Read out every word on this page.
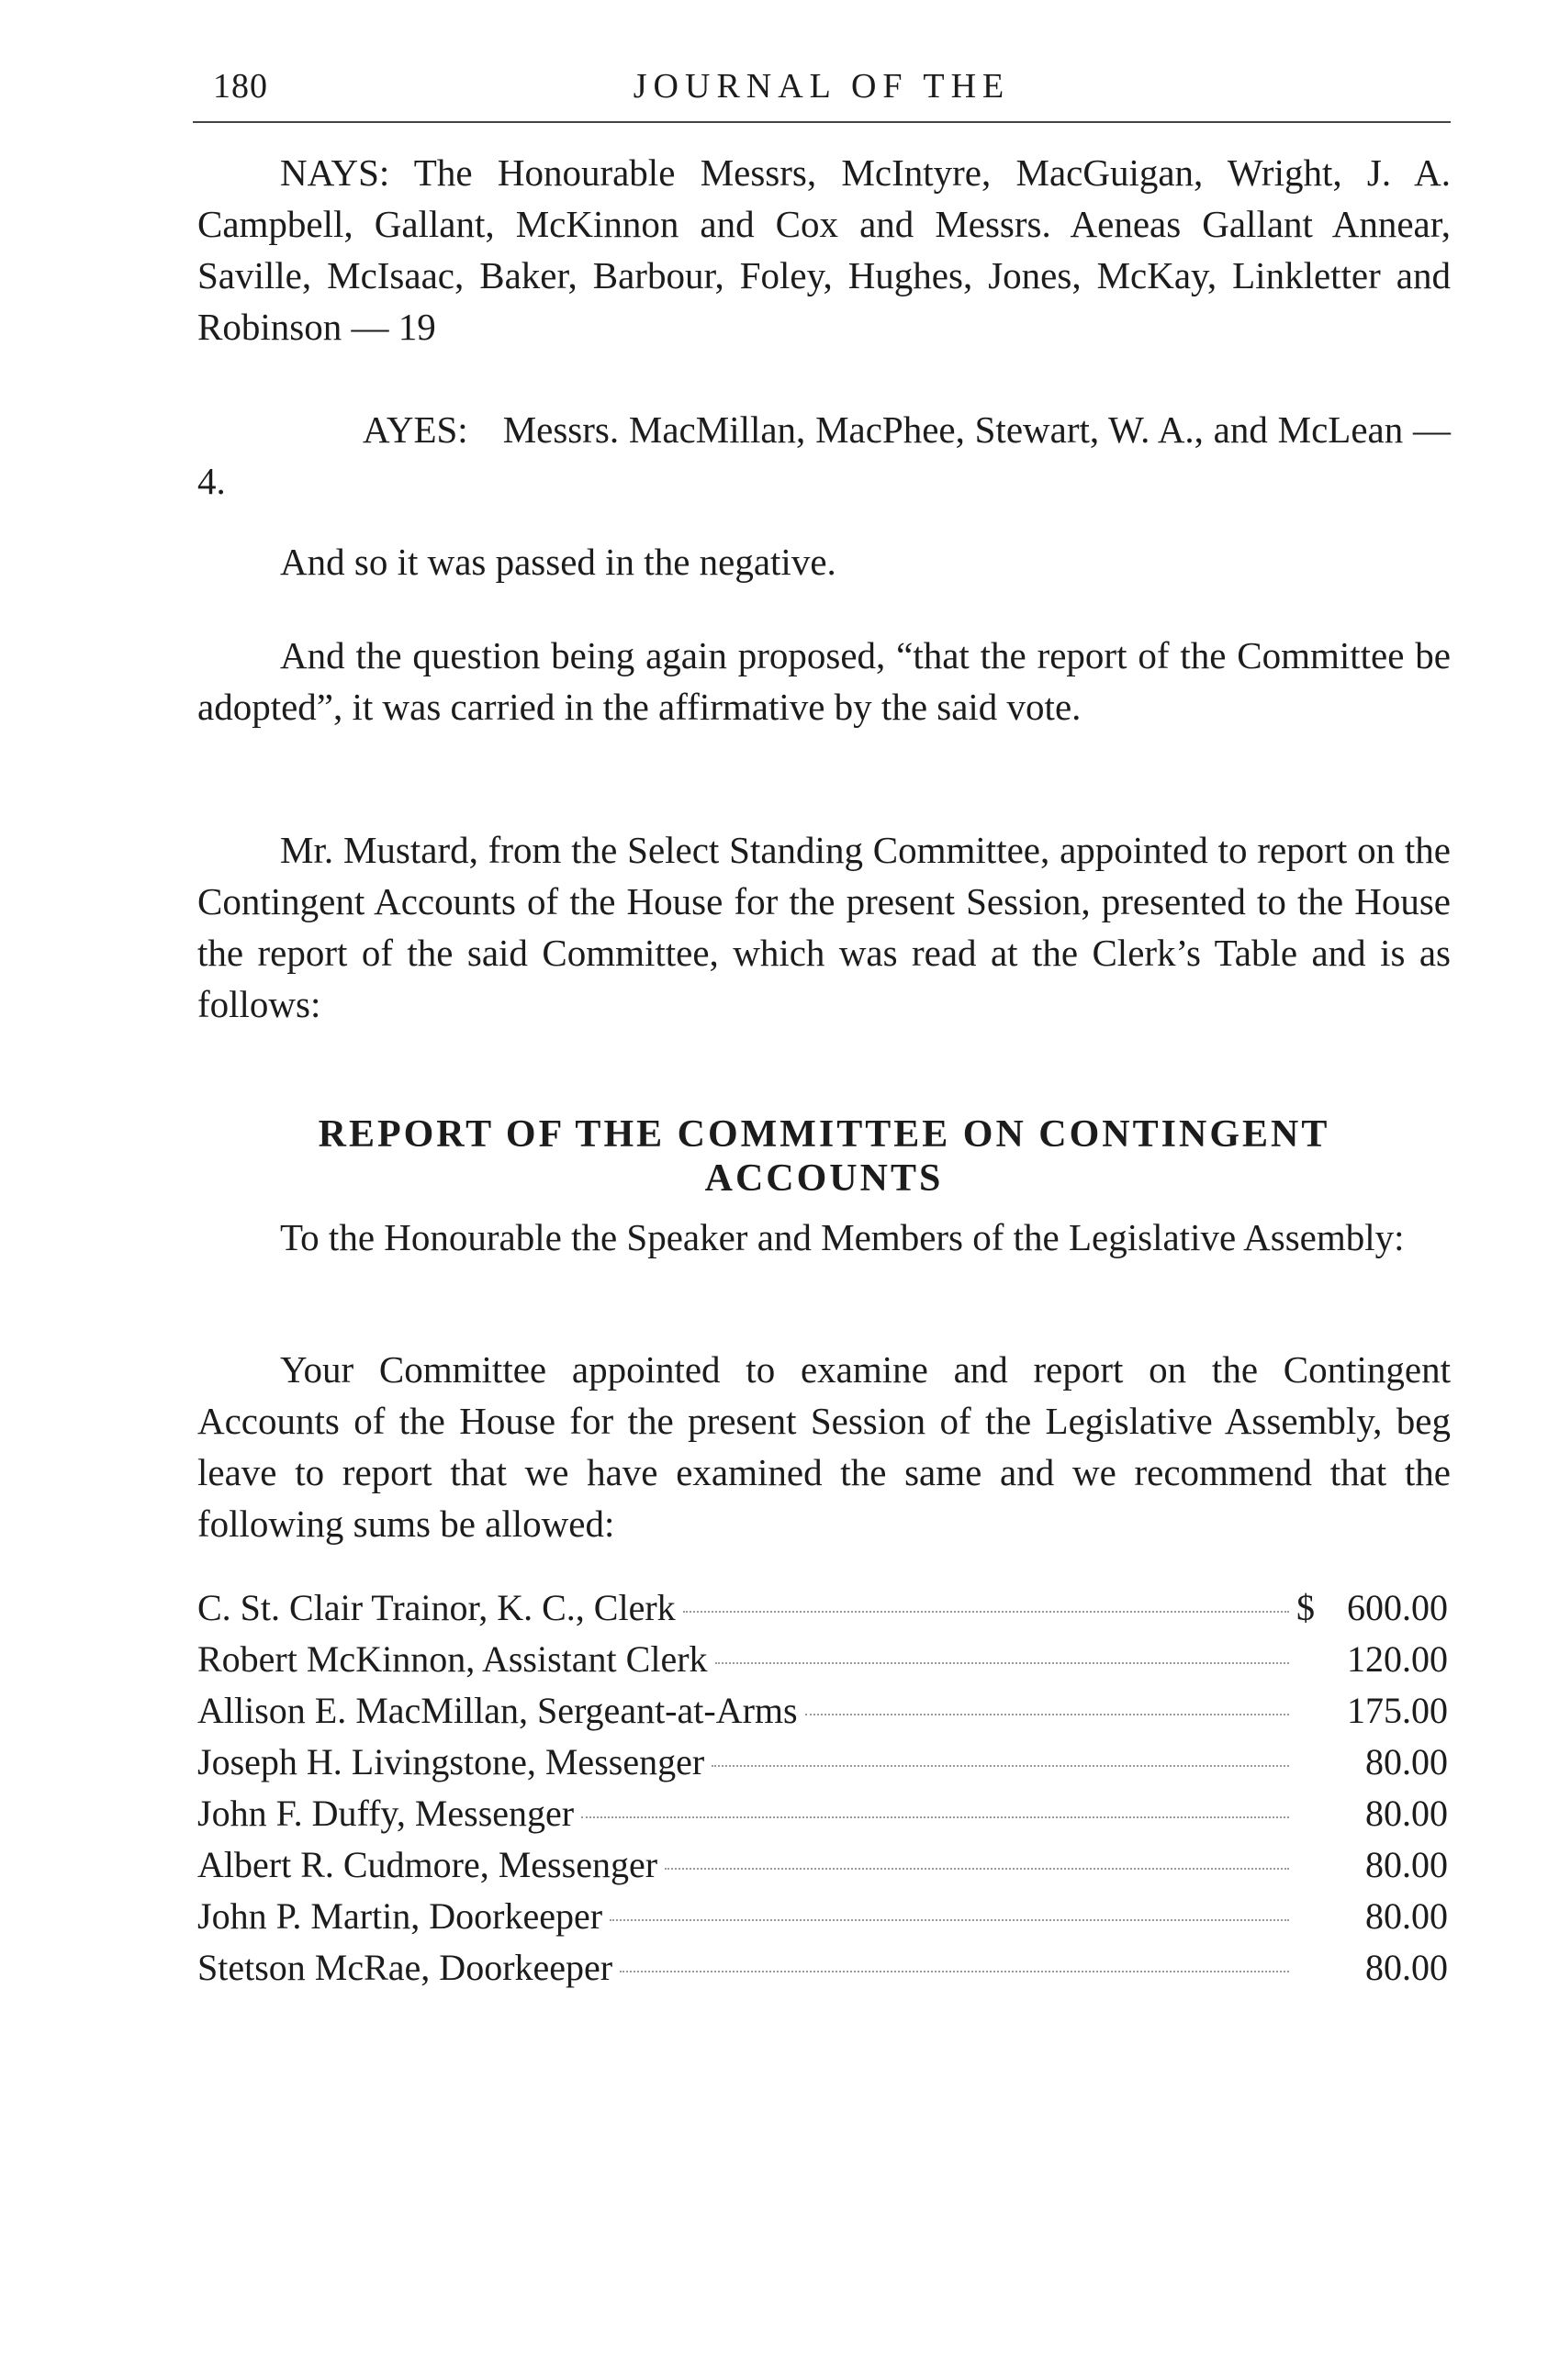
180	JOURNAL OF THE

NAYS: The Honourable Messrs, McIntyre, MacGuigan, Wright, J. A. Campbell, Gallant, McKinnon and Cox and Messrs. Aeneas Gallant Annear, Saville, McIsaac, Baker, Barbour, Foley, Hughes, Jones, McKay, Linkletter and Robinson — 19

AYES: Messrs. MacMillan, MacPhee, Stewart, W. A., and McLean — 4.

And so it was passed in the negative.

And the question being again proposed, “that the report of the Committee be adopted”, it was carried in the affirmative by the said vote.

Mr. Mustard, from the Select Standing Committee, appointed to report on the Contingent Accounts of the House for the present Session, presented to the House the report of the said Committee, which was read at the Clerk’s Table and is as follows:

REPORT OF THE COMMITTEE ON CONTINGENT ACCOUNTS

To the Honourable the Speaker and Members of the Legislative Assembly:

Your Committee appointed to examine and report on the Contingent Accounts of the House for the present Session of the Legislative Assembly, beg leave to report that we have examined the same and we recommend that the following sums be allowed:

C. St. Clair Trainor, K. C., Clerk	$ 600.00
Robert McKinnon, Assistant Clerk	120.00
Allison E. MacMillan, Sergeant-at-Arms	175.00
Joseph H. Livingstone, Messenger	80.00
John F. Duffy, Messenger	80.00
Albert R. Cudmore, Messenger	80.00
John P. Martin, Doorkeeper	80.00
Stetson McRae, Doorkeeper	80.00
